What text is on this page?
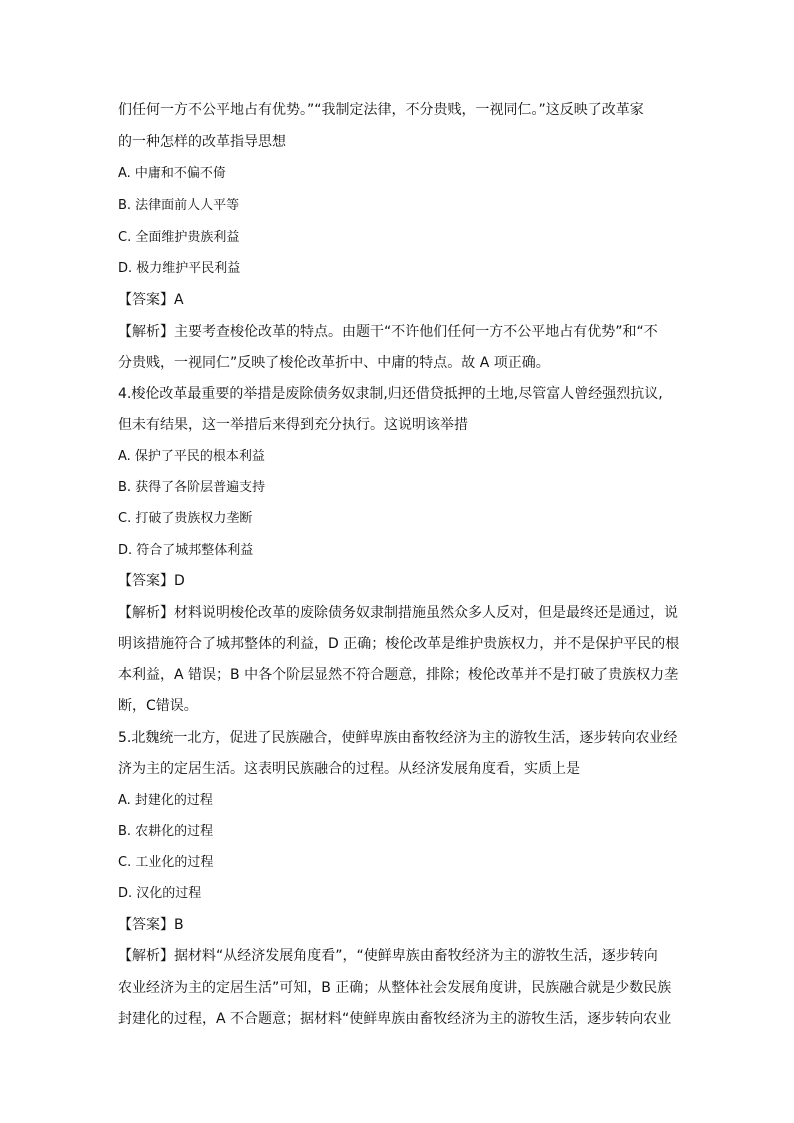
们任何一方不公平地占有优势。”“我制定法律，不分贵贱，一视同仁。”这反映了改革家
的一种怎样的改革指导思想
A. 中庸和不偏不倚
B. 法律面前人人平等
C. 全面维护贵族利益
D. 极力维护平民利益
【答案】A
【解析】主要考查梭伦改革的特点。由题干“不许他们任何一方不公平地占有优势”和“不
分贵贱，一视同仁”反映了梭伦改革折中、中庸的特点。故 A 项正确。
4.梭伦改革最重要的举措是废除债务奴隶制,归还借贷抵押的土地,尽管富人曾经强烈抗议,
但未有结果，这一举措后来得到充分执行。这说明该举措
A. 保护了平民的根本利益
B. 获得了各阶层普遍支持
C. 打破了贵族权力垄断
D. 符合了城邦整体利益
【答案】D
【解析】材料说明梭伦改革的废除债务奴隶制措施虽然众多人反对，但是最终还是通过，说
明该措施符合了城邦整体的利益，D 正确；梭伦改革是维护贵族权力，并不是保护平民的根
本利益，A 错误；B 中各个阶层显然不符合题意，排除；梭伦改革并不是打破了贵族权力垄
断，C错误。
5.北魏统一北方，促进了民族融合，使鲜卑族由畜牧经济为主的游牧生活，逐步转向农业经
济为主的定居生活。这表明民族融合的过程。从经济发展角度看，实质上是
A. 封建化的过程
B. 农耕化的过程
C. 工业化的过程
D. 汉化的过程
【答案】B
【解析】据材料“从经济发展角度看”，“使鲜卑族由畜牧经济为主的游牧生活，逐步转向
农业经济为主的定居生活”可知，B 正确；从整体社会发展角度讲，民族融合就是少数民族
封建化的过程，A 不合题意；据材料“使鲜卑族由畜牧经济为主的游牧生活，逐步转向农业
